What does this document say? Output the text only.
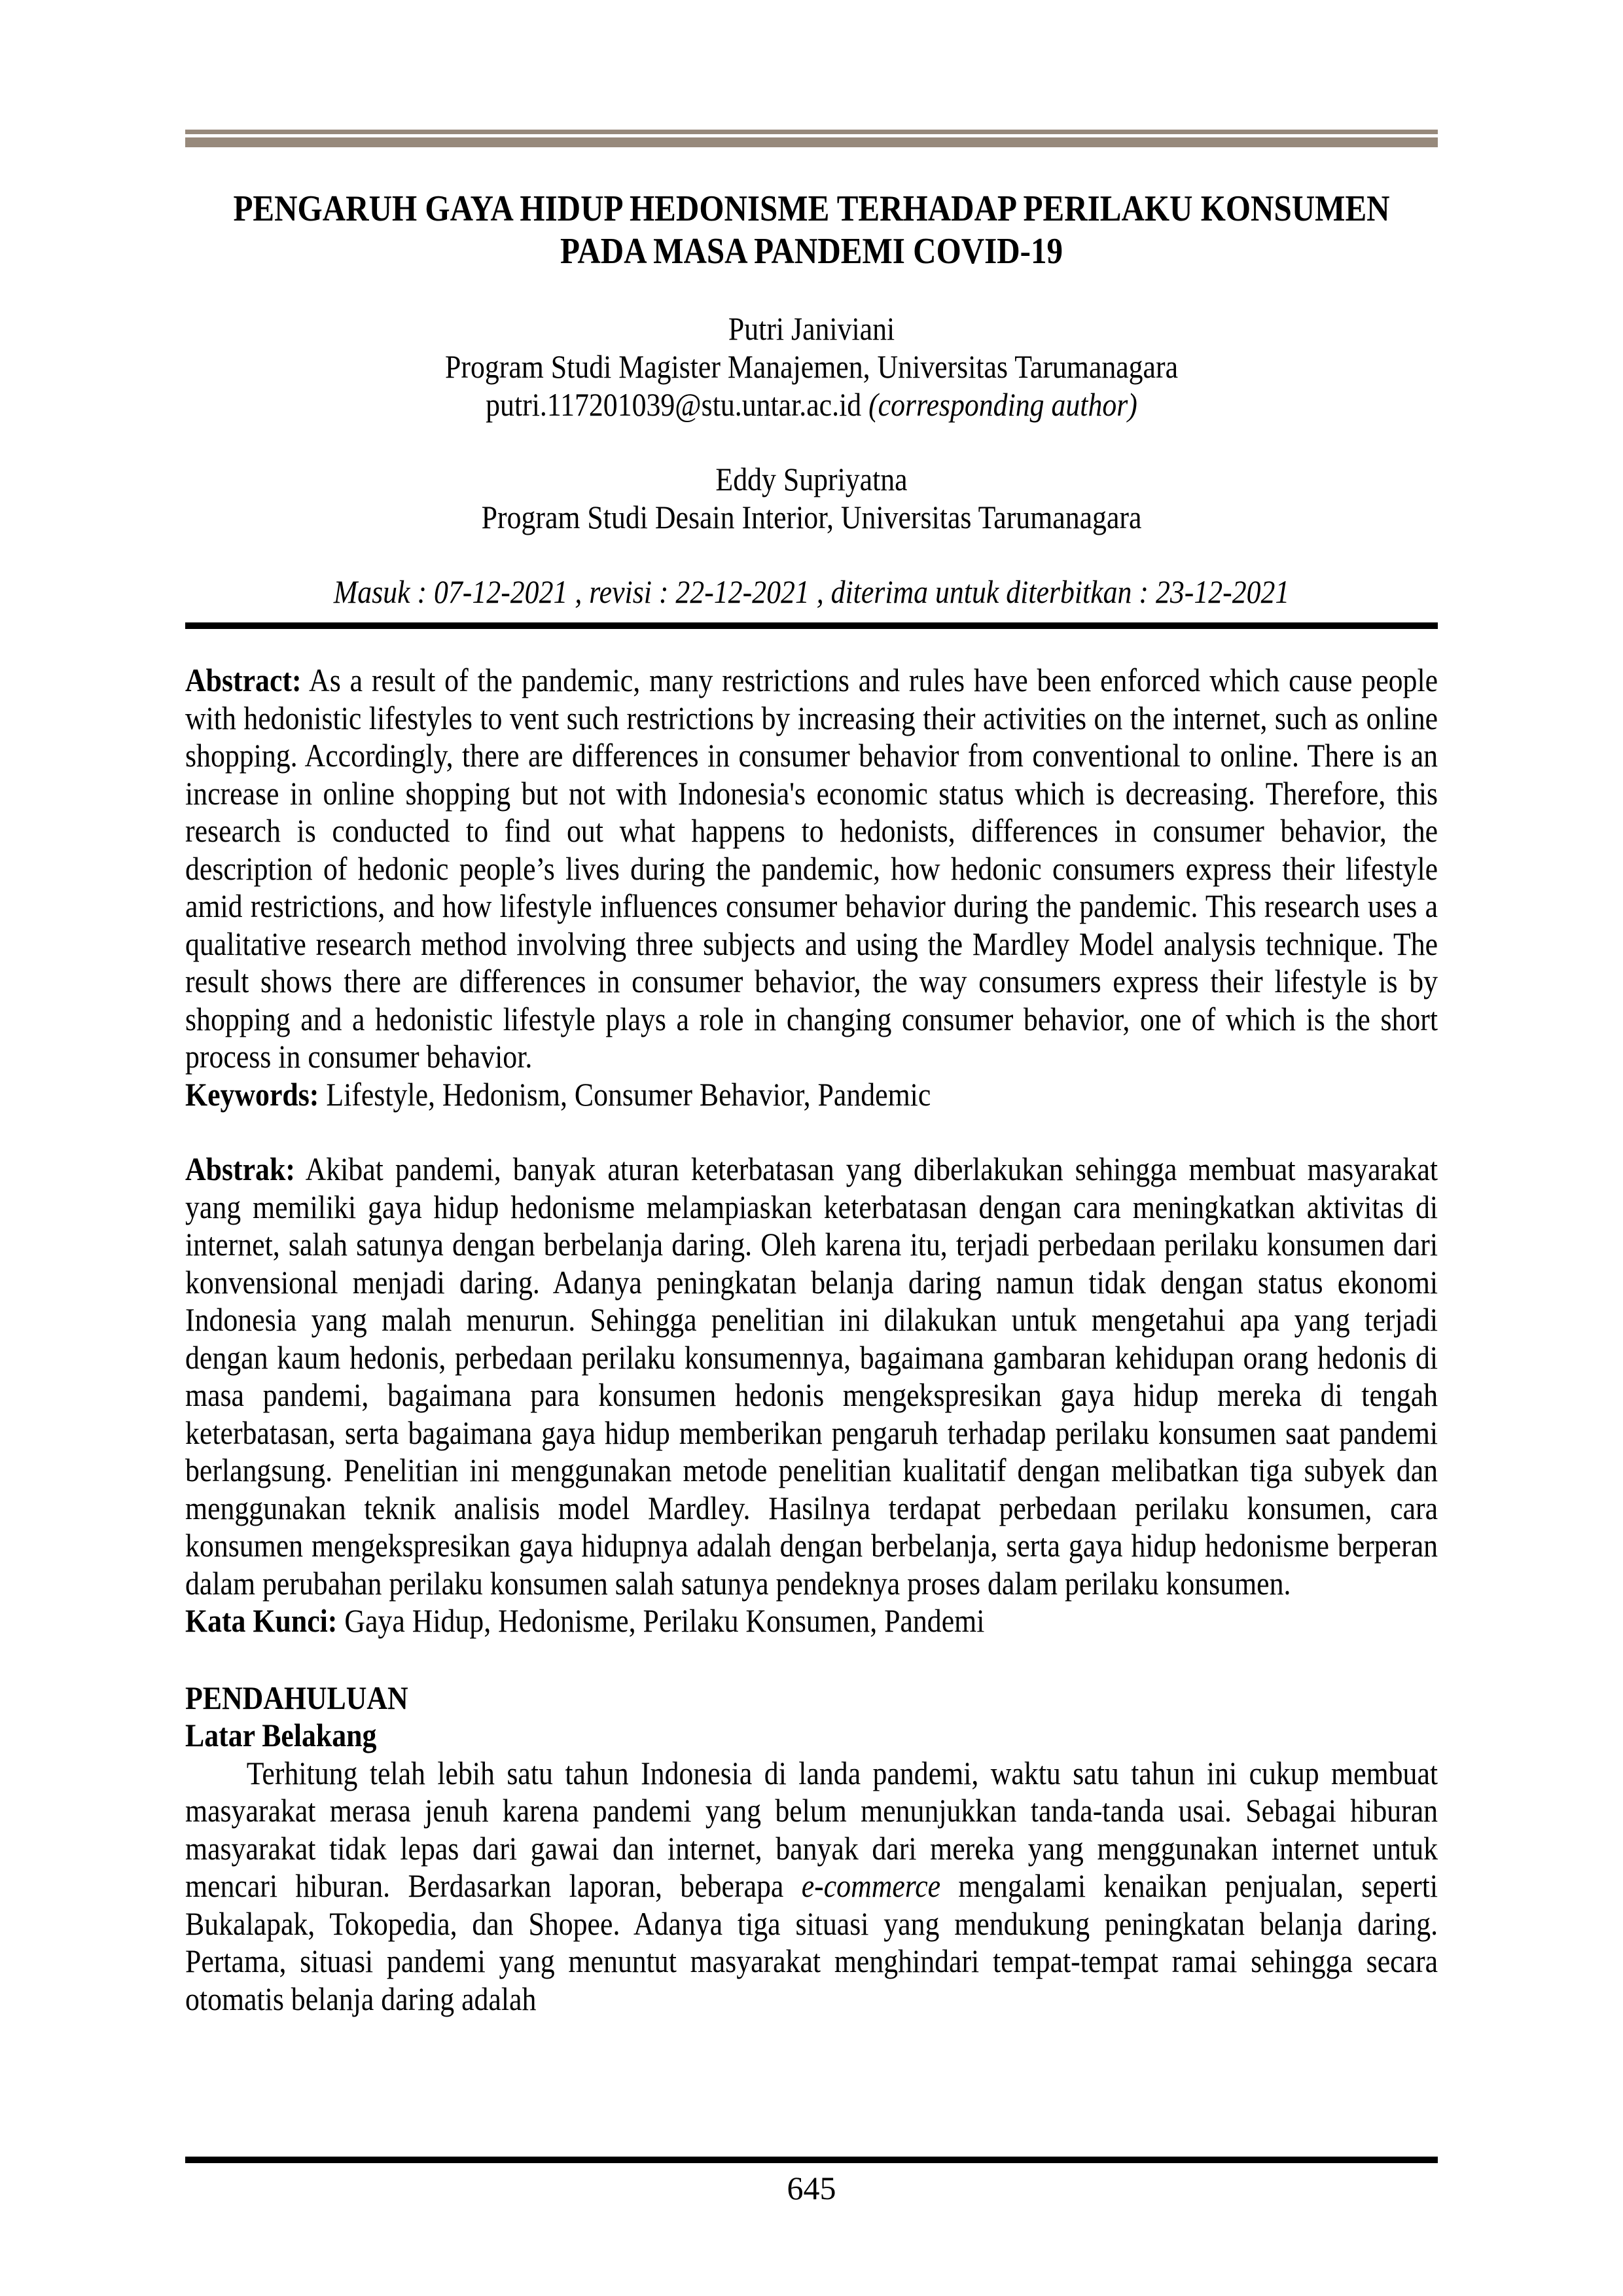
PENGARUH GAYA HIDUP HEDONISME TERHADAP PERILAKU KONSUMEN
PADA MASA PANDEMI COVID-19
Putri Janiviani
Program Studi Magister Manajemen, Universitas Tarumanagara
putri.117201039@stu.untar.ac.id (corresponding author)
Eddy Supriyatna
Program Studi Desain Interior, Universitas Tarumanagara
Masuk : 07-12-2021 , revisi : 22-12-2021 , diterima untuk diterbitkan : 23-12-2021

Abstract: As a result of the pandemic, many restrictions and rules have been enforced which cause people with hedonistic lifestyles to vent such restrictions by increasing their activities on the internet, such as online shopping. Accordingly, there are differences in consumer behavior from conventional to online. There is an increase in online shopping but not with Indonesia's economic status which is decreasing. Therefore, this research is conducted to find out what happens to hedonists, differences in consumer behavior, the description of hedonic people’s lives during the pandemic, how hedonic consumers express their lifestyle amid restrictions, and how lifestyle influences consumer behavior during the pandemic. This research uses a qualitative research method involving three subjects and using the Mardley Model analysis technique. The result shows there are differences in consumer behavior, the way consumers express their lifestyle is by shopping and a hedonistic lifestyle plays a role in changing consumer behavior, one of which is the short process in consumer behavior.

Keywords: Lifestyle, Hedonism, Consumer Behavior, Pandemic

Abstrak: Akibat pandemi, banyak aturan keterbatasan yang diberlakukan sehingga membuat masyarakat yang memiliki gaya hidup hedonisme melampiaskan keterbatasan dengan cara meningkatkan aktivitas di internet, salah satunya dengan berbelanja daring. Oleh karena itu, terjadi perbedaan perilaku konsumen dari konvensional menjadi daring. Adanya peningkatan belanja daring namun tidak dengan status ekonomi Indonesia yang malah menurun. Sehingga penelitian ini dilakukan untuk mengetahui apa yang terjadi dengan kaum hedonis, perbedaan perilaku konsumennya, bagaimana gambaran kehidupan orang hedonis di masa pandemi, bagaimana para konsumen hedonis mengekspresikan gaya hidup mereka di tengah keterbatasan, serta bagaimana gaya hidup memberikan pengaruh terhadap perilaku konsumen saat pandemi berlangsung. Penelitian ini menggunakan metode penelitian kualitatif dengan melibatkan tiga subyek dan menggunakan teknik analisis model Mardley. Hasilnya terdapat perbedaan perilaku konsumen, cara konsumen mengekspresikan gaya hidupnya adalah dengan berbelanja, serta gaya hidup hedonisme berperan dalam perubahan perilaku konsumen salah satunya pendeknya proses dalam perilaku konsumen.

Kata Kunci: Gaya Hidup, Hedonisme, Perilaku Konsumen, Pandemi

PENDAHULUAN
Latar Belakang

Terhitung telah lebih satu tahun Indonesia di landa pandemi, waktu satu tahun ini cukup membuat masyarakat merasa jenuh karena pandemi yang belum menunjukkan tanda-tanda usai. Sebagai hiburan masyarakat tidak lepas dari gawai dan internet, banyak dari mereka yang menggunakan internet untuk mencari hiburan. Berdasarkan laporan, beberapa e-commerce mengalami kenaikan penjualan, seperti Bukalapak, Tokopedia, dan Shopee. Adanya tiga situasi yang mendukung peningkatan belanja daring. Pertama, situasi pandemi yang menuntut masyarakat menghindari tempat-tempat ramai sehingga secara otomatis belanja daring adalah

645
